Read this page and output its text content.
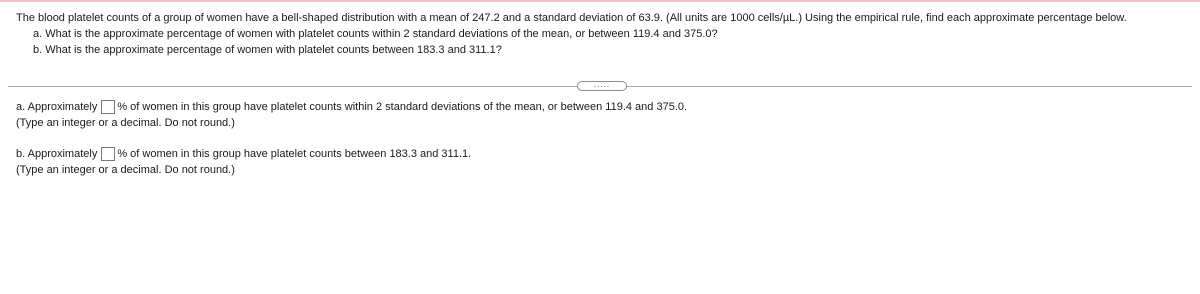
The blood platelet counts of a group of women have a bell-shaped distribution with a mean of 247.2 and a standard deviation of 63.9. (All units are 1000 cells/µL.) Using the empirical rule, find each approximate percentage below.
a. What is the approximate percentage of women with platelet counts within 2 standard deviations of the mean, or between 119.4 and 375.0?
b. What is the approximate percentage of women with platelet counts between 183.3 and 311.1?
.....
a. Approximately % of women in this group have platelet counts within 2 standard deviations of the mean, or between 119.4 and 375.0.
(Type an integer or a decimal. Do not round.)
b. Approximately % of women in this group have platelet counts between 183.3 and 311.1.
(Type an integer or a decimal. Do not round.)
